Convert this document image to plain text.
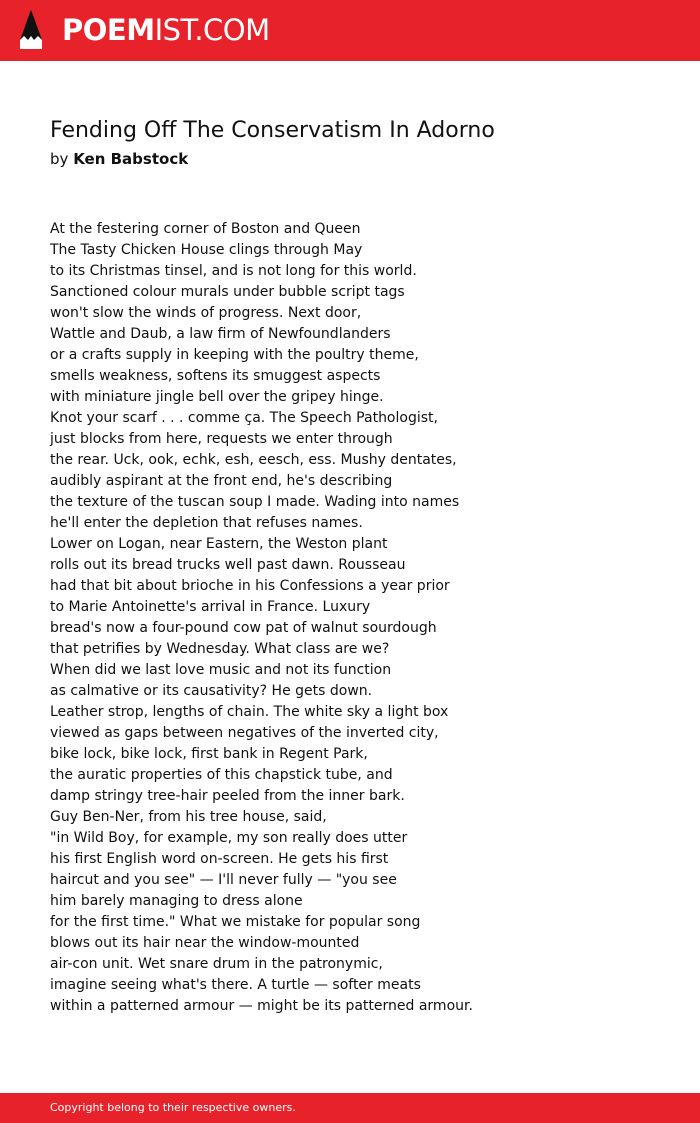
POEMIST.COM
Fending Off The Conservatism In Adorno
by Ken Babstock
At the festering corner of Boston and Queen
The Tasty Chicken House clings through May
to its Christmas tinsel, and is not long for this world.
Sanctioned colour murals under bubble script tags
won't slow the winds of progress. Next door,
Wattle and Daub, a law firm of Newfoundlanders
or a crafts supply in keeping with the poultry theme,
smells weakness, softens its smuggest aspects
with miniature jingle bell over the gripey hinge.
Knot your scarf . . . comme ça. The Speech Pathologist,
just blocks from here, requests we enter through
the rear. Uck, ook, echk, esh, eesch, ess. Mushy dentates,
audibly aspirant at the front end, he's describing
the texture of the tuscan soup I made. Wading into names
he'll enter the depletion that refuses names.
Lower on Logan, near Eastern, the Weston plant
rolls out its bread trucks well past dawn. Rousseau
had that bit about brioche in his Confessions a year prior
to Marie Antoinette's arrival in France. Luxury
bread's now a four-pound cow pat of walnut sourdough
that petrifies by Wednesday. What class are we?
When did we last love music and not its function
as calmative or its causativity? He gets down.
Leather strop, lengths of chain. The white sky a light box
viewed as gaps between negatives of the inverted city,
bike lock, bike lock, first bank in Regent Park,
the auratic properties of this chapstick tube, and
damp stringy tree-hair peeled from the inner bark.
Guy Ben-Ner, from his tree house, said,
"in Wild Boy, for example, my son really does utter
his first English word on-screen. He gets his first
haircut and you see" — I'll never fully — "you see
him barely managing to dress alone
for the first time." What we mistake for popular song
blows out its hair near the window-mounted
air-con unit. Wet snare drum in the patronymic,
imagine seeing what's there. A turtle — softer meats
within a patterned armour — might be its patterned armour.
Copyright belong to their respective owners.
